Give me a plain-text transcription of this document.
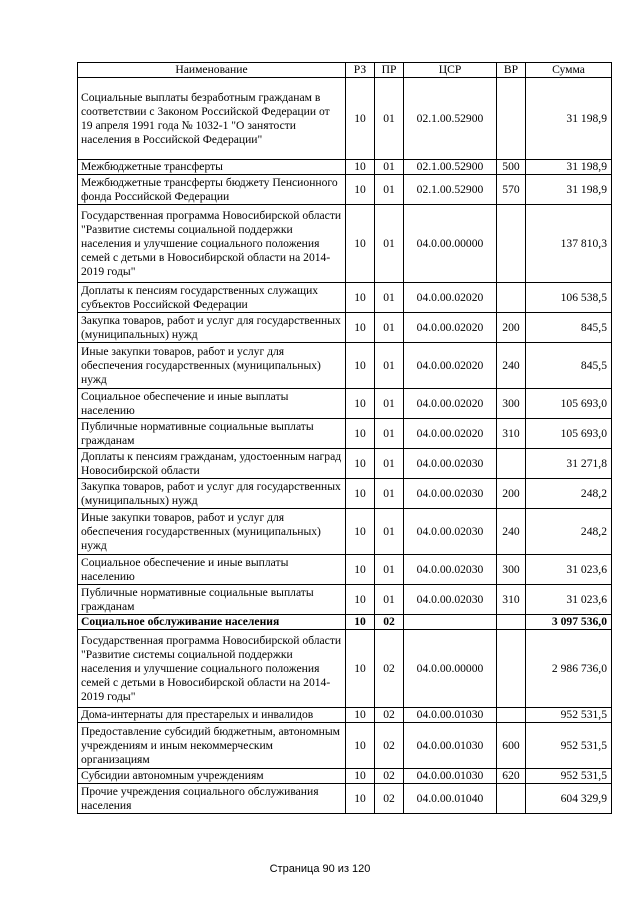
Наименование	РЗ	ПР	ЦСР	ВР	Сумма
Социальные выплаты безработным гражданам в соответствии с Законом Российской Федерации от 19 апреля 1991 года № 1032-1 "О занятости населения в Российской Федерации"	10	01	02.1.00.52900		31 198,9
Межбюджетные трансферты	10	01	02.1.00.52900	500	31 198,9
Межбюджетные трансферты бюджету Пенсионного фонда Российской Федерации	10	01	02.1.00.52900	570	31 198,9
Государственная программа Новосибирской области "Развитие системы социальной поддержки населения и улучшение социального положения семей с детьми в Новосибирской области на 2014-2019 годы"	10	01	04.0.00.00000		137 810,3
Доплаты к пенсиям государственных служащих субъектов Российской Федерации	10	01	04.0.00.02020		106 538,5
Закупка товаров, работ и услуг для государственных (муниципальных) нужд	10	01	04.0.00.02020	200	845,5
Иные закупки товаров, работ и услуг для обеспечения государственных (муниципальных) нужд	10	01	04.0.00.02020	240	845,5
Социальное обеспечение и иные выплаты населению	10	01	04.0.00.02020	300	105 693,0
Публичные нормативные социальные выплаты гражданам	10	01	04.0.00.02020	310	105 693,0
Доплаты к пенсиям гражданам, удостоенным наград Новосибирской области	10	01	04.0.00.02030		31 271,8
Закупка товаров, работ и услуг для государственных (муниципальных) нужд	10	01	04.0.00.02030	200	248,2
Иные закупки товаров, работ и услуг для обеспечения государственных (муниципальных) нужд	10	01	04.0.00.02030	240	248,2
Социальное обеспечение и иные выплаты населению	10	01	04.0.00.02030	300	31 023,6
Публичные нормативные социальные выплаты гражданам	10	01	04.0.00.02030	310	31 023,6
Социальное обслуживание населения	10	02			3 097 536,0
Государственная программа Новосибирской области "Развитие системы социальной поддержки населения и улучшение социального положения семей с детьми в Новосибирской области на 2014-2019 годы"	10	02	04.0.00.00000		2 986 736,0
Дома-интернаты для престарелых и инвалидов	10	02	04.0.00.01030		952 531,5
Предоставление субсидий бюджетным, автономным учреждениям и иным некоммерческим организациям	10	02	04.0.00.01030	600	952 531,5
Субсидии автономным учреждениям	10	02	04.0.00.01030	620	952 531,5
Прочие учреждения социального обслуживания населения	10	02	04.0.00.01040		604 329,9
Страница 90 из 120
